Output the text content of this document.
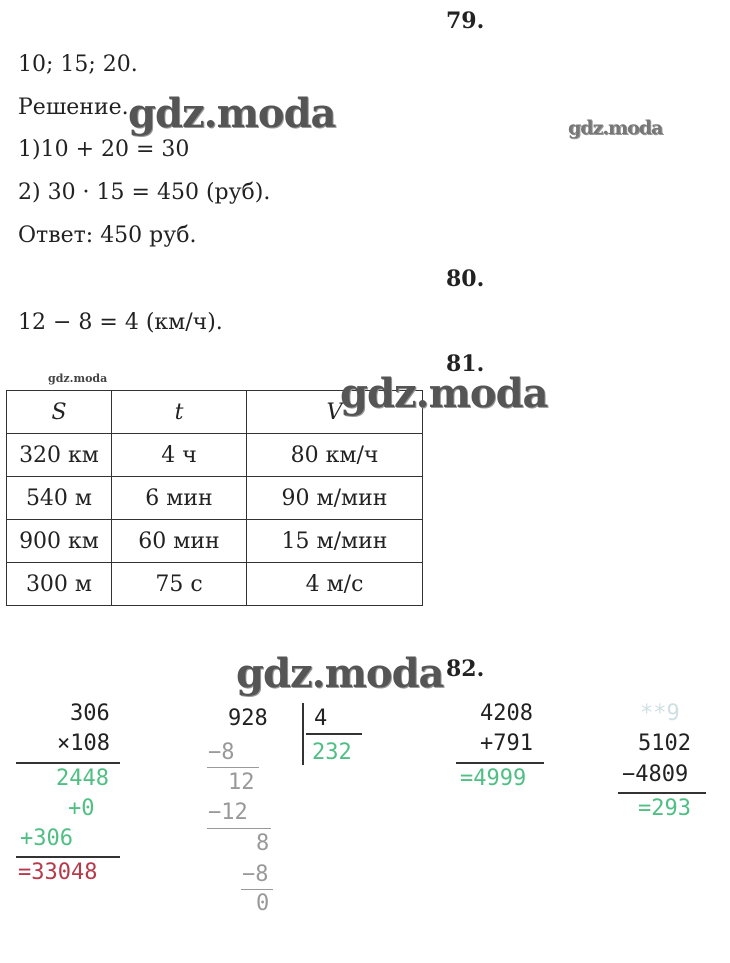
79.
10; 15; 20.
Решение.
1)10 + 20 = 30
2) 30 · 15 = 450 (руб).
Ответ: 450 руб.
80.
12 − 8 = 4 (км/ч).
81.
S	t	V
320 км	4 ч	80 км/ч
540 м	6 мин	90 м/мин
900 км	60 мин	15 м/мин
300 м	75 с	4 м/с
82.
306
×108
2448
+0
+306
=33048
928 4
232
−8
12
−12
8
−8
0
4208
+791
=4999
**9
5102
−4809
=293
gdz.moda	gdz.moda
gdz.moda	gdz.moda
gdz.moda
